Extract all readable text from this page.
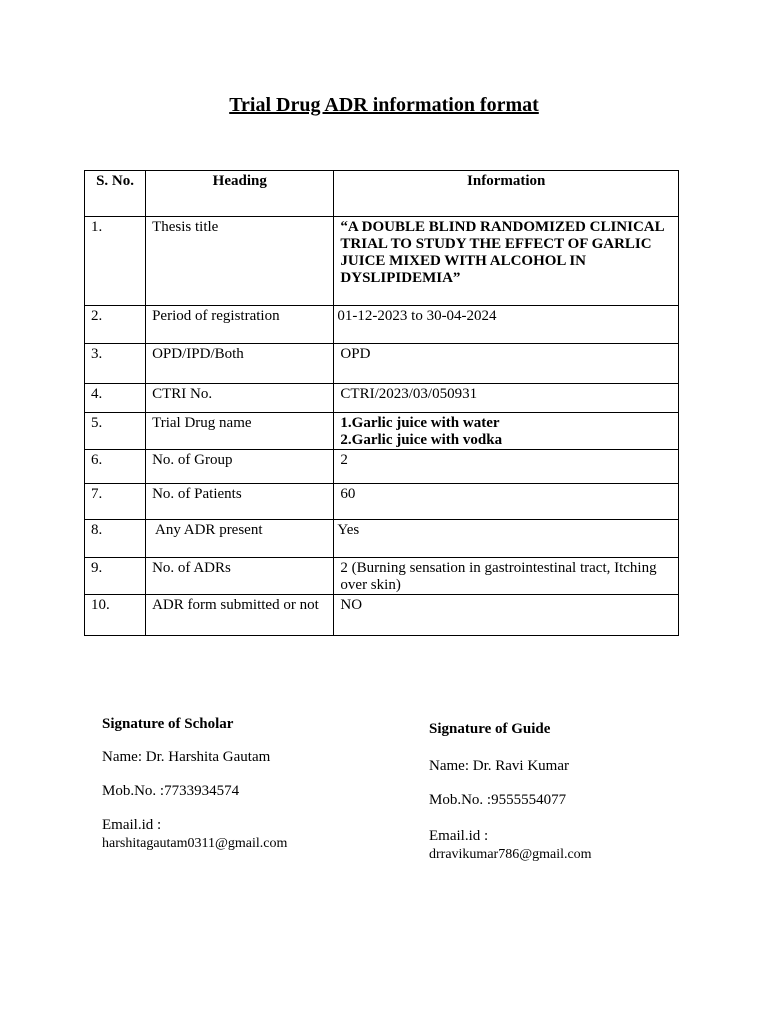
Trial Drug ADR information format
S. No.	Heading	Information

1.	Thesis title	“A DOUBLE BLIND RANDOMIZED CLINICAL TRIAL TO STUDY THE EFFECT OF GARLIC JUICE MIXED WITH ALCOHOL IN DYSLIPIDEMIA”

2.	Period of registration	01-12-2023 to 30-04-2024

3.	OPD/IPD/Both	OPD

4.	CTRI No.	CTRI/2023/03/050931

5.	Trial Drug name	1.Garlic juice with water
2.Garlic juice with vodka

6.	No. of Group	2

7.	No. of Patients	60

8.	Any ADR present	Yes

9.	No. of ADRs	2 (Burning sensation in gastrointestinal tract, Itching over skin)

10.	ADR form submitted or not	NO
Signature of Scholar
Name: Dr. Harshita Gautam
Mob.No. :7733934574
Email.id :
harshitagautam0311@gmail.com
Signature of Guide
Name: Dr. Ravi Kumar
Mob.No. :9555554077
Email.id :
drravikumar786@gmail.com
